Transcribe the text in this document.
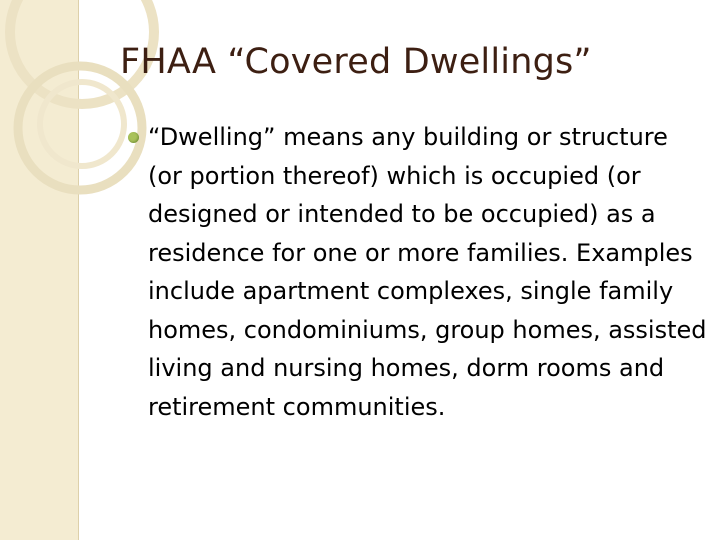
FHAA “Covered Dwellings”
“Dwelling” means any building or structure (or portion thereof) which is occupied (or designed or intended to be occupied) as a residence for one or more families. Examples include apartment complexes, single family homes, condominiums, group homes, assisted living and nursing homes, dorm rooms and retirement communities.
